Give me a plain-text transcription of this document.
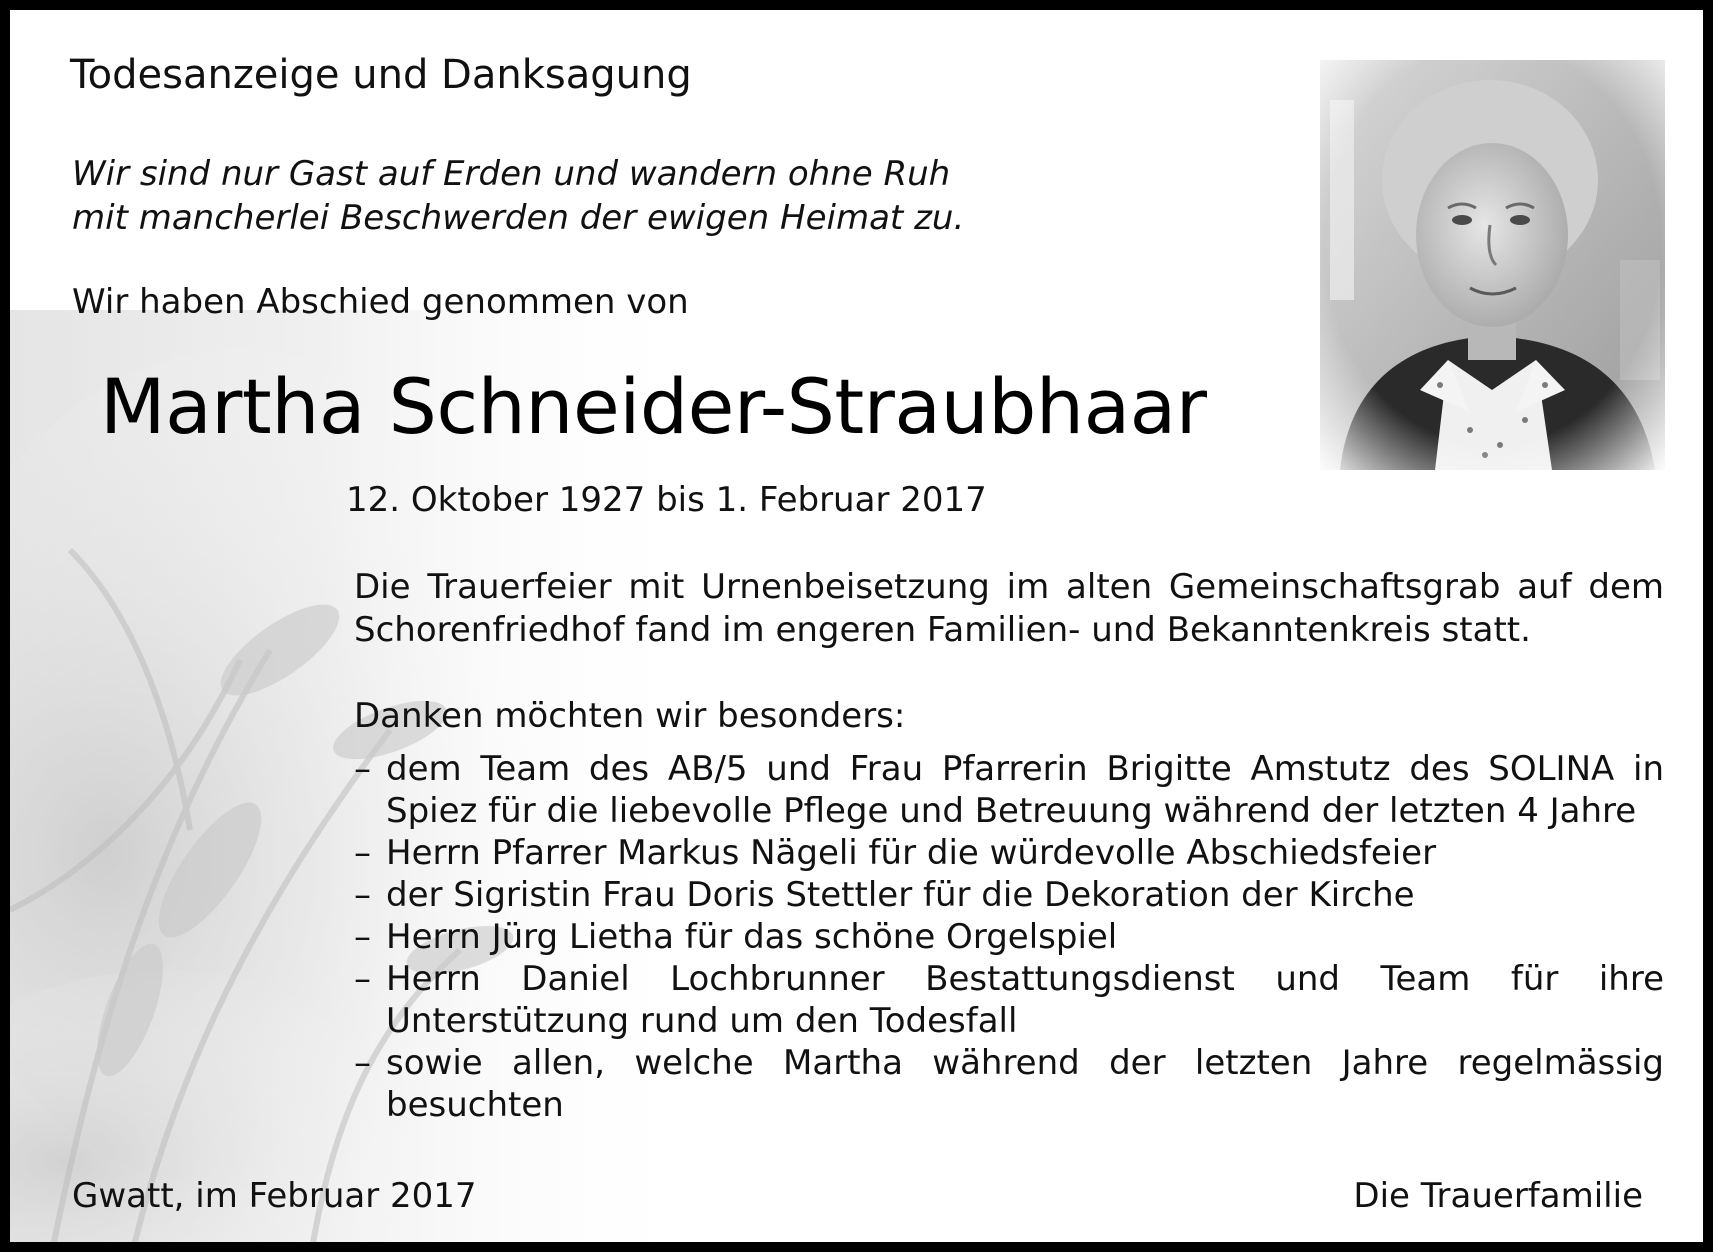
Todesanzeige und Danksagung

Wir sind nur Gast auf Erden und wandern ohne Ruh

mit mancherlei Beschwerden der ewigen Heimat zu.

Wir haben Abschied genommen von

Martha Schneider-Straubhaar

12. Oktober 1927 bis 1. Februar 2017

Die Trauerfeier mit Urnenbeisetzung im alten Gemeinschaftsgrab auf dem Schorenfriedhof fand im engeren Familien- und Bekanntenkreis statt.

Danken möchten wir besonders:

– dem Team des AB/5 und Frau Pfarrerin Brigitte Amstutz des SOLINA in Spiez für die liebevolle Pflege und Betreuung während der letzten 4 Jahre
– Herrn Pfarrer Markus Nägeli für die würdevolle Abschiedsfeier
– der Sigristin Frau Doris Stettler für die Dekoration der Kirche
– Herrn Jürg Lietha für das schöne Orgelspiel
– Herrn Daniel Lochbrunner Bestattungsdienst und Team für ihre Unterstützung rund um den Todesfall
– sowie allen, welche Martha während der letzten Jahre regelmässig besuchten

Gwatt, im Februar 2017	Die Trauerfamilie
